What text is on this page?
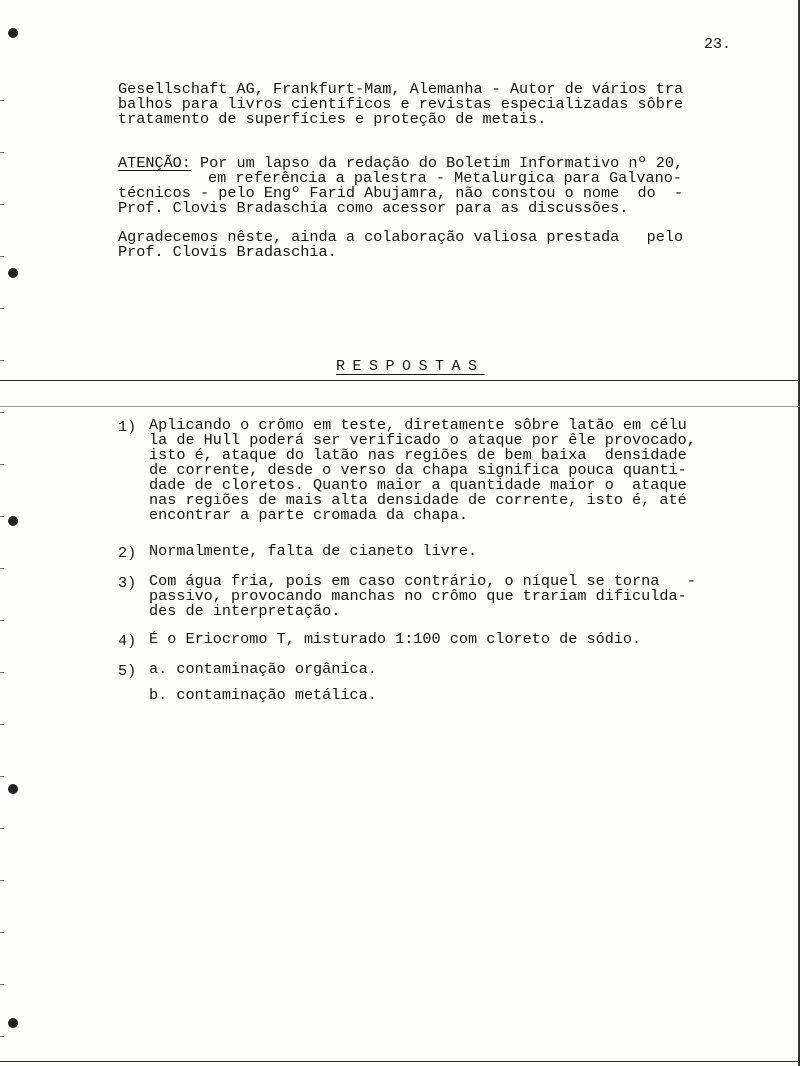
23.
Gesellschaft AG, Frankfurt-Mam, Alemanha - Autor de vários tra
balhos para livros científicos e revistas especializadas sôbre
tratamento de superfícies e proteção de metais.
ATENÇÃO: Por um lapso da redação do Boletim Informativo nº 20,
em referência a palestra - Metalurgica para Galvano-
técnicos - pelo Engº Farid Abujamra, não constou o nome  do  -
Prof. Clovis Bradaschia como acessor para as discussões.
Agradecemos nêste, ainda a colaboração valiosa prestada   pelo
Prof. Clovis Bradaschia.
RESPOSTAS
1) Aplicando o crômo em teste, diretamente sôbre latão em célu
la de Hull poderá ser verificado o ataque por êle provocado,
isto é, ataque do latão nas regiões de bem baixa  densidade
de corrente, desde o verso da chapa significa pouca quanti-
dade de cloretos. Quanto maior a quantidade maior o  ataque
nas regiões de mais alta densidade de corrente, isto é, até
encontrar a parte cromada da chapa.
2) Normalmente, falta de cianeto livre.
3) Com água fria, pois em caso contrário, o níquel se torna   -
passivo, provocando manchas no crômo que trariam dificulda-
des de interpretação.
4) É o Eriocromo T, misturado 1:100 com cloreto de sódio.
5) a. contaminação orgânica.
b. contaminação metálica.
